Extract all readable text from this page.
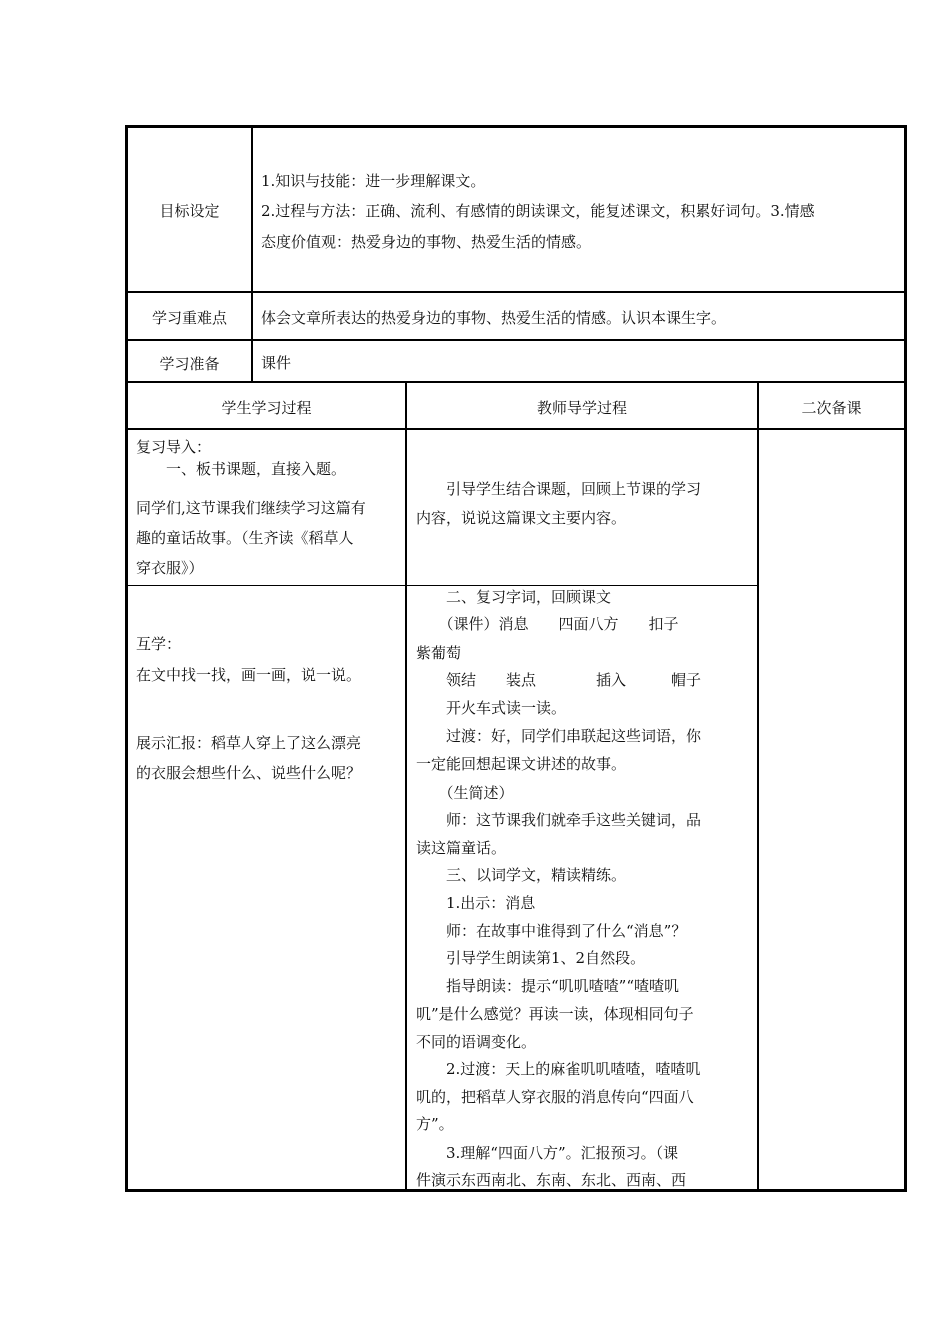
目标设定
学习重难点
学习准备
1.知识与技能：进一步理解课文。
2.过程与方法：正确、流利、有感情的朗读课文，能复述课文，积累好词句。3.情感
态度价值观：热爱身边的事物、热爱生活的情感。
体会文章所表达的热爱身边的事物、热爱生活的情感。认识本课生字。
课件
学生学习过程	教师导学过程	二次备课
复习导入：
　　一、板书课题，直接入题。
同学们,这节课我们继续学习这篇有
趣的童话故事。（生齐读《稻草人
穿衣服》）
互学：
在文中找一找，画一画，说一说。
展示汇报：稻草人穿上了这么漂亮
的衣服会想些什么、说些什么呢？
　　引导学生结合课题，回顾上节课的学习
内容，说说这篇课文主要内容。
　　二、复习字词，回顾课文
　　（课件）消息　　四面八方　　扣子
紫葡萄
　　领结　　装点　　　　插入　　　帽子
　　开火车式读一读。
　　过渡：好，同学们串联起这些词语，你
一定能回想起课文讲述的故事。
　　（生简述）
　　师：这节课我们就牵手这些关键词，品
读这篇童话。
　　三、以词学文，精读精练。
　　1.出示：消息
　　师：在故事中谁得到了什么“消息”？
　　引导学生朗读第1、2自然段。
　　指导朗读：提示“叽叽喳喳”“喳喳叽
叽”是什么感觉？再读一读，体现相同句子
不同的语调变化。
　　2.过渡：天上的麻雀叽叽喳喳，喳喳叽
叽的，把稻草人穿衣服的消息传向“四面八
方”。
　　3.理解“四面八方”。汇报预习。（课
件演示东西南北、东南、东北、西南、西
